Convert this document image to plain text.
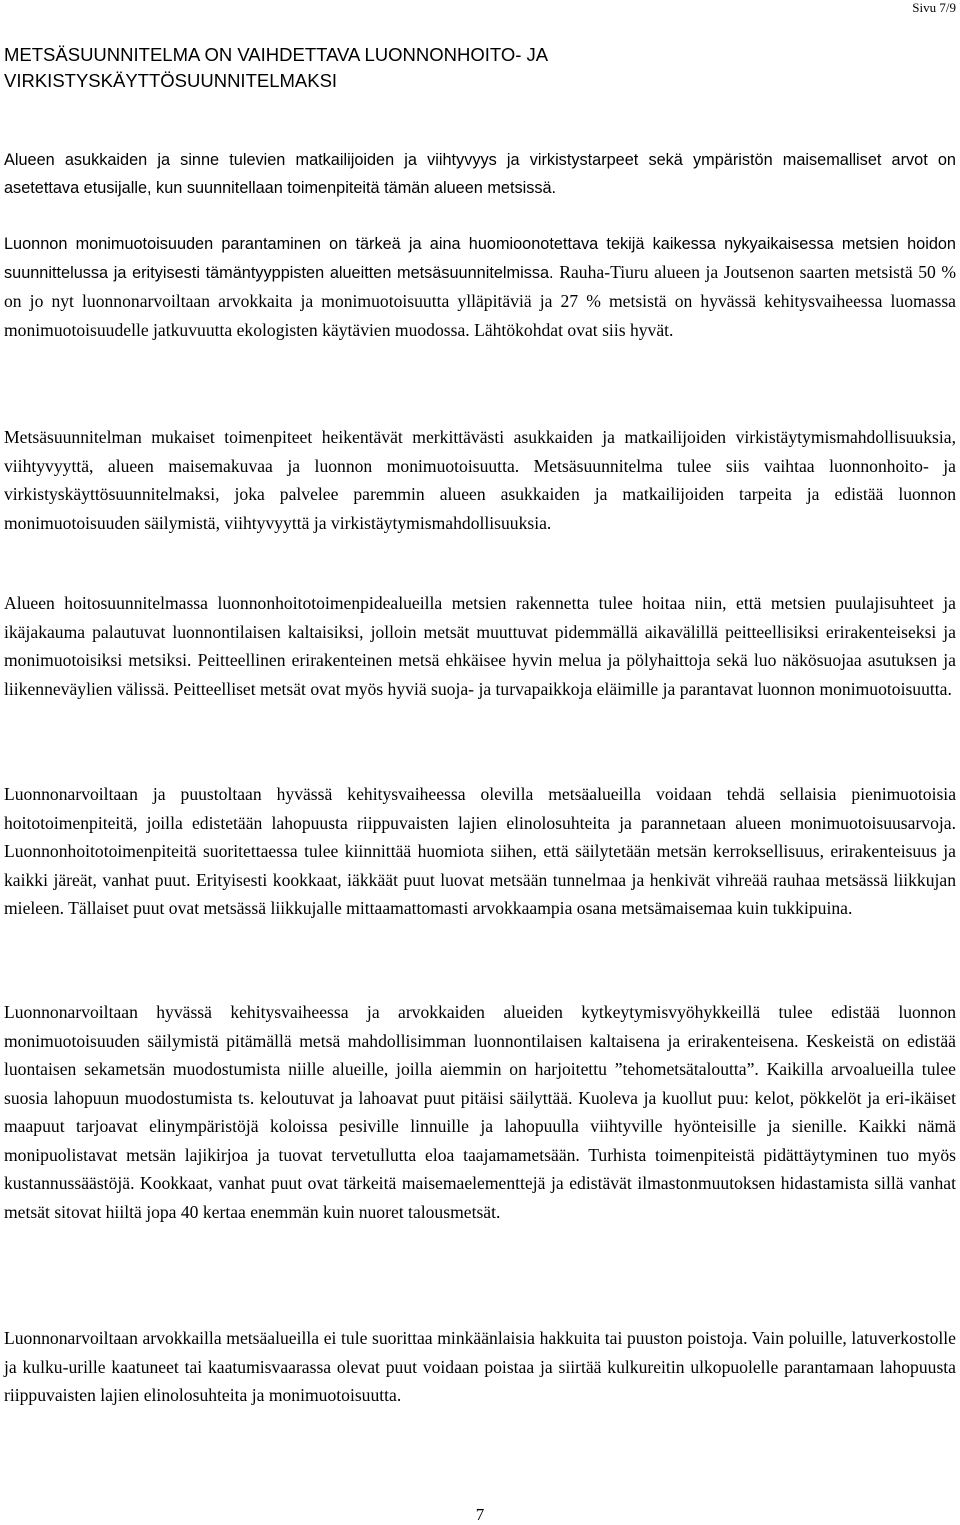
Sivu 7/9
METSÄSUUNNITELMA ON VAIHDETTAVA LUONNONHOITO- JA
VIRKISTYSKÄYTTÖSUUNNITELMAKSI

Alueen asukkaiden ja sinne tulevien matkailijoiden ja viihtyvyys ja virkistystarpeet sekä ympäristön maisemalliset arvot on asetettava etusijalle, kun suunnitellaan toimenpiteitä tämän alueen metsissä.

Luonnon monimuotoisuuden parantaminen on tärkeä ja aina huomioonotettava tekijä kaikessa nykyaikaisessa metsien hoidon suunnittelussa ja erityisesti tämäntyyppisten alueitten metsäsuunnitelmissa. Rauha-Tiuru alueen ja Joutsenon saarten metsistä 50 % on jo nyt luonnonarvoiltaan arvokkaita ja monimuotoisuutta ylläpitäviä ja 27 % metsistä on hyvässä kehitysvaiheessa luomassa monimuotoisuudelle jatkuvuutta ekologisten käytävien muodossa. Lähtökohdat ovat siis hyvät.

Metsäsuunnitelman mukaiset toimenpiteet heikentävät merkittävästi asukkaiden ja matkailijoiden virkistäytymismahdollisuuksia, viihtyvyyttä, alueen maisemakuvaa ja luonnon monimuotoisuutta. Metsäsuunnitelma tulee siis vaihtaa luonnonhoito- ja virkistyskäyttösuunnitelmaksi, joka palvelee paremmin alueen asukkaiden ja matkailijoiden tarpeita ja edistää luonnon monimuotoisuuden säilymistä, viihtyvyyttä ja virkistäytymismahdollisuuksia.

Alueen hoitosuunnitelmassa luonnonhoitotoimenpidealueilla metsien rakennetta tulee hoitaa niin, että metsien puulajisuhteet ja ikäjakauma palautuvat luonnontilaisen kaltaisiksi, jolloin metsät muuttuvat pidemmällä aikavälillä peitteellisiksi erirakenteiseksi ja monimuotoisiksi metsiksi. Peitteellinen erirakenteinen metsä ehkäisee hyvin melua ja pölyhaittoja sekä luo näkösuojaa asutuksen ja liikenneväylien välissä. Peitteelliset metsät ovat myös hyviä suoja- ja turvapaikkoja eläimille ja parantavat luonnon monimuotoisuutta.

Luonnonarvoiltaan ja puustoltaan hyvässä kehitysvaiheessa olevilla metsäalueilla voidaan tehdä sellaisia pienimuotoisia hoitotoimenpiteitä, joilla edistetään lahopuusta riippuvaisten lajien elinolosuhteita ja parannetaan alueen monimuotoisuusarvoja. Luonnonhoitotoimenpiteitä suoritettaessa tulee kiinnittää huomiota siihen, että säilytetään metsän kerroksellisuus, erirakenteisuus ja kaikki järeät, vanhat puut. Erityisesti kookkaat, iäkkäät puut luovat metsään tunnelmaa ja henkivät vihreää rauhaa metsässä liikkujan mieleen. Tällaiset puut ovat metsässä liikkujalle mittaamattomasti arvokkaampia osana metsämaisemaa kuin tukkipuina.

Luonnonarvoiltaan hyvässä kehitysvaiheessa ja arvokkaiden alueiden kytkeytymisvyöhykkeillä tulee edistää luonnon monimuotoisuuden säilymistä pitämällä metsä mahdollisimman luonnontilaisen kaltaisena ja erirakenteisena. Keskeistä on edistää luontaisen sekametsän muodostumista niille alueille, joilla aiemmin on harjoitettu ”tehometsätaloutta”. Kaikilla arvoalueilla tulee suosia lahopuun muodostumista ts. keloutuvat ja lahoavat puut pitäisi säilyttää. Kuoleva ja kuollut puu: kelot, pökkelöt ja eri-ikäiset maapuut tarjoavat elinympäristöjä koloissa pesiville linnuille ja lahopuulla viihtyville hyönteisille ja sienille. Kaikki nämä monipuolistavat metsän lajikirjoa ja tuovat tervetullutta eloa taajamametsään. Turhista toimenpiteistä pidättäytyminen tuo myös kustannussäästöjä. Kookkaat, vanhat puut ovat tärkeitä maisemaelementtejä ja edistävät ilmastonmuutoksen hidastamista sillä vanhat metsät sitovat hiiltä jopa 40 kertaa enemmän kuin nuoret talousmetsät.

Luonnonarvoiltaan arvokkailla metsäalueilla ei tule suorittaa minkäänlaisia hakkuita tai puuston poistoja. Vain poluille, latuverkostolle ja kulku-urille kaatuneet tai kaatumisvaarassa olevat puut voidaan poistaa ja siirtää kulkureitin ulkopuolelle parantamaan lahopuusta riippuvaisten lajien elinolosuhteita ja monimuotoisuutta.

7
